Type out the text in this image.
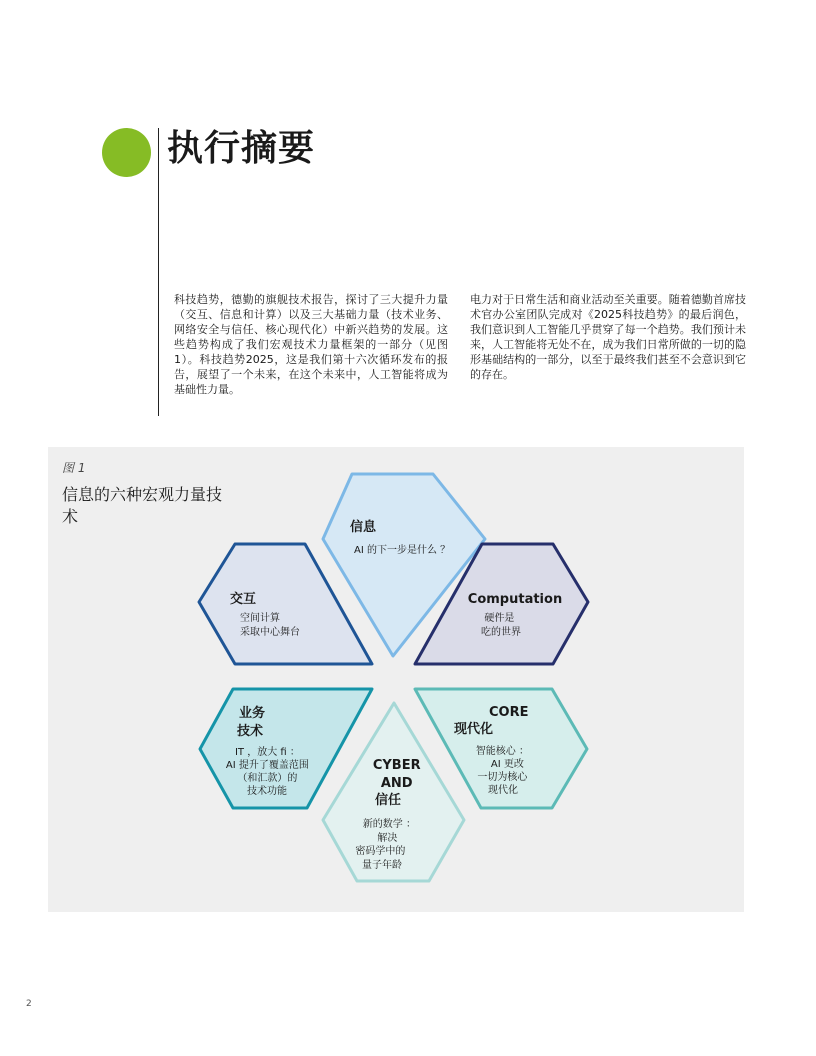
执行摘要

科技趋势，德勤的旗舰技术报告，探讨了三大提升力量（交互、信息和计算）以及三大基础力量（技术业务、网络安全与信任、核心现代化）中新兴趋势的发展。这些趋势构成了我们宏观技术力量框架的一部分（见图1）。科技趋势2025，这是我们第十六次循环发布的报告，展望了一个未来，在这个未来中，人工智能将成为基础性力量。

电力对于日常生活和商业活动至关重要。随着德勤首席技术官办公室团队完成对《2025科技趋势》的最后润色，我们意识到人工智能几乎贯穿了每一个趋势。我们预计未来，人工智能将无处不在，成为我们日常所做的一切的隐形基础结构的一部分，以至于最终我们甚至不会意识到它的存在。

图 1
信息的六种宏观力量技术
信息
AI 的下一步是什么 ？
交互
空间计算 采取中心舞台
Computation
硬件是 吃的世界
业务 技术
IT ，放大 fi ： AI 提升了覆盖范围 （和汇款）的 技术功能
CYBER AND 信任
新的数学 ： 解决 密码学中的 量子年龄
CORE 现代化
智能核心 ： AI 更改 一切为核心 现代化
2
